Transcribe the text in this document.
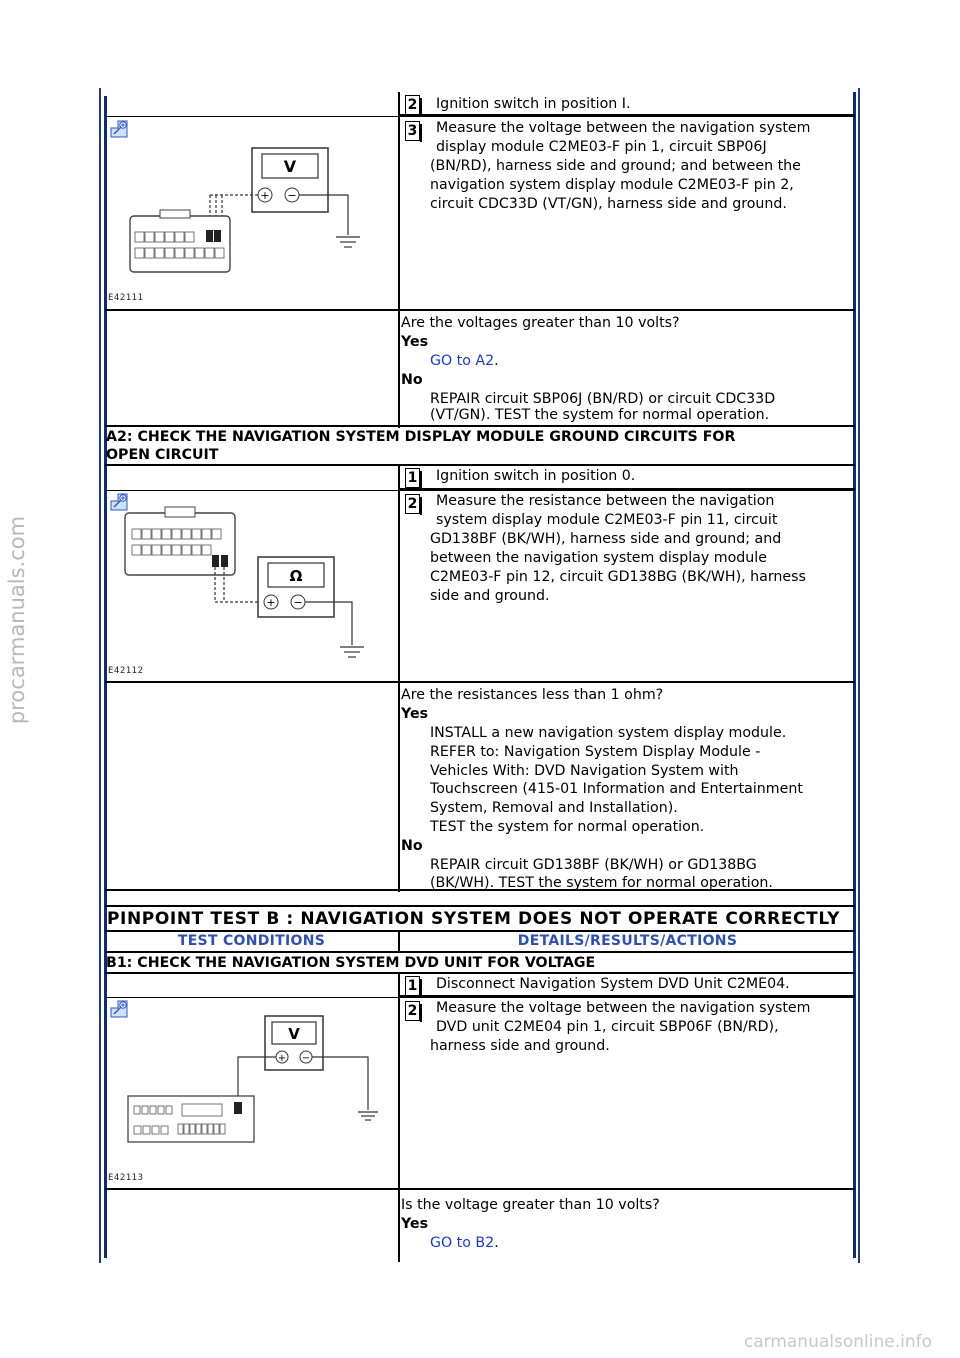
procarmanuals.com
carmanualsonline.info
2 Ignition switch in position I.
3 Measure the voltage between the navigation system
display module C2ME03-F pin 1, circuit SBP06J
(BN/RD), harness side and ground; and between the
navigation system display module C2ME03-F pin 2,
circuit CDC33D (VT/GN), harness side and ground.
V
+ −
E42111
Are the voltages greater than 10 volts?
Yes
GO to A2.
No
REPAIR circuit SBP06J (BN/RD) or circuit CDC33D
(VT/GN). TEST the system for normal operation.
A2: CHECK THE NAVIGATION SYSTEM DISPLAY MODULE GROUND CIRCUITS FOR
OPEN CIRCUIT
1 Ignition switch in position 0.
2 Measure the resistance between the navigation
system display module C2ME03-F pin 11, circuit
GD138BF (BK/WH), harness side and ground; and
between the navigation system display module
C2ME03-F pin 12, circuit GD138BG (BK/WH), harness
side and ground.
Ω
+ −
E42112
Are the resistances less than 1 ohm?
Yes
INSTALL a new navigation system display module.
REFER to: Navigation System Display Module -
Vehicles With: DVD Navigation System with
Touchscreen (415-01 Information and Entertainment
System, Removal and Installation).
TEST the system for normal operation.
No
REPAIR circuit GD138BF (BK/WH) or GD138BG
(BK/WH). TEST the system for normal operation.
PINPOINT TEST B : NAVIGATION SYSTEM DOES NOT OPERATE CORRECTLY
TEST CONDITIONS	DETAILS/RESULTS/ACTIONS
B1: CHECK THE NAVIGATION SYSTEM DVD UNIT FOR VOLTAGE
1 Disconnect Navigation System DVD Unit C2ME04.
2 Measure the voltage between the navigation system
DVD unit C2ME04 pin 1, circuit SBP06F (BN/RD),
harness side and ground.
V
+ −
E42113
Is the voltage greater than 10 volts?
Yes
GO to B2.
